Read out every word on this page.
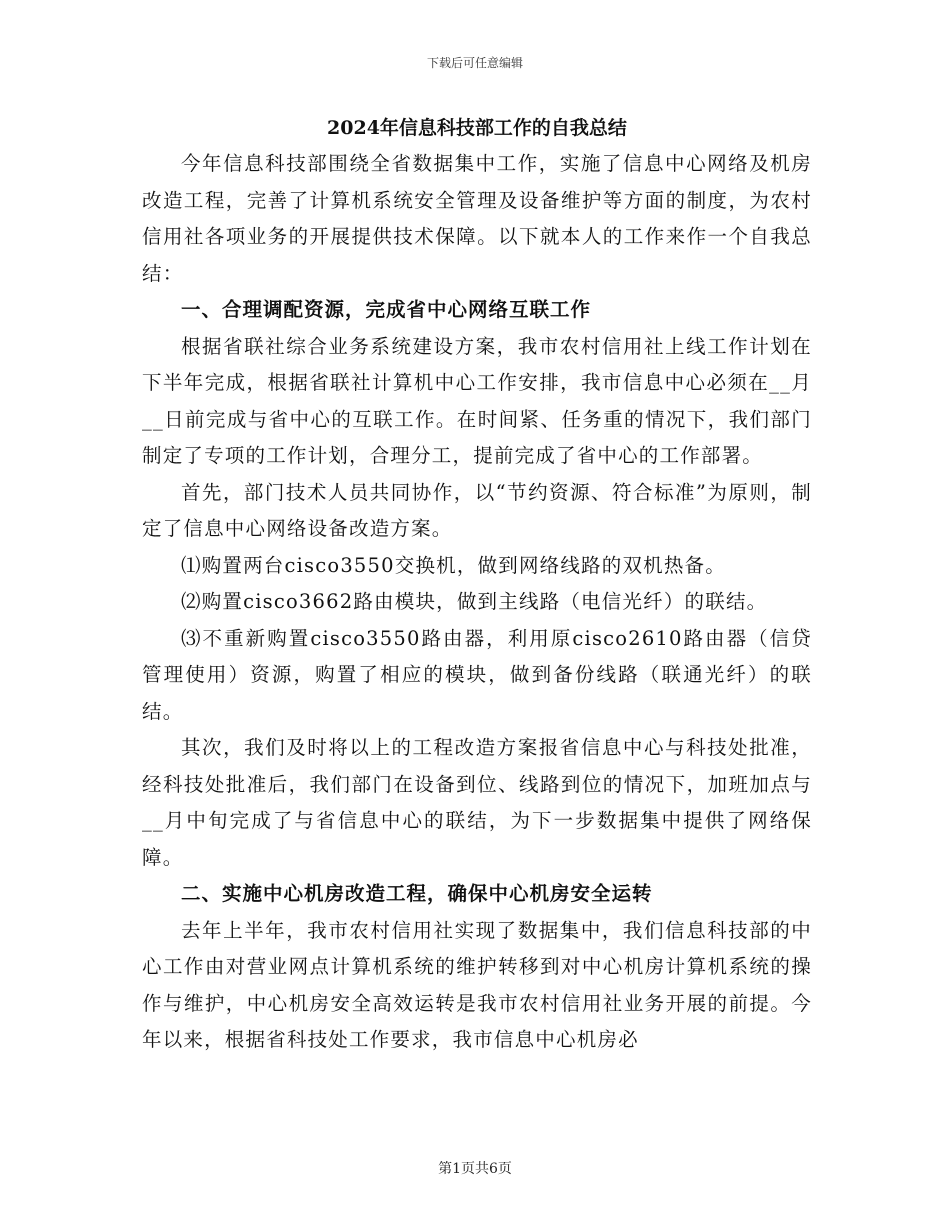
下载后可任意编辑
2024年信息科技部工作的自我总结

今年信息科技部围绕全省数据集中工作，实施了信息中心网络及机房改造工程，完善了计算机系统安全管理及设备维护等方面的制度，为农村信用社各项业务的开展提供技术保障。以下就本人的工作来作一个自我总结：

一、合理调配资源，完成省中心网络互联工作

根据省联社综合业务系统建设方案，我市农村信用社上线工作计划在下半年完成，根据省联社计算机中心工作安排，我市信息中心必须在__月__日前完成与省中心的互联工作。在时间紧、任务重的情况下，我们部门制定了专项的工作计划，合理分工，提前完成了省中心的工作部署。

首先，部门技术人员共同协作，以“节约资源、符合标准”为原则，制定了信息中心网络设备改造方案。

⑴购置两台cisco3550交换机，做到网络线路的双机热备。

⑵购置cisco3662路由模块，做到主线路（电信光纤）的联结。

⑶不重新购置cisco3550路由器，利用原cisco2610路由器（信贷管理使用）资源，购置了相应的模块，做到备份线路（联通光纤）的联结。

其次，我们及时将以上的工程改造方案报省信息中心与科技处批准，经科技处批准后，我们部门在设备到位、线路到位的情况下，加班加点与__月中旬完成了与省信息中心的联结，为下一步数据集中提供了网络保障。

二、实施中心机房改造工程，确保中心机房安全运转

去年上半年，我市农村信用社实现了数据集中，我们信息科技部的中心工作由对营业网点计算机系统的维护转移到对中心机房计算机系统的操作与维护，中心机房安全高效运转是我市农村信用社业务开展的前提。今年以来，根据省科技处工作要求，我市信息中心机房必

第1页共6页
